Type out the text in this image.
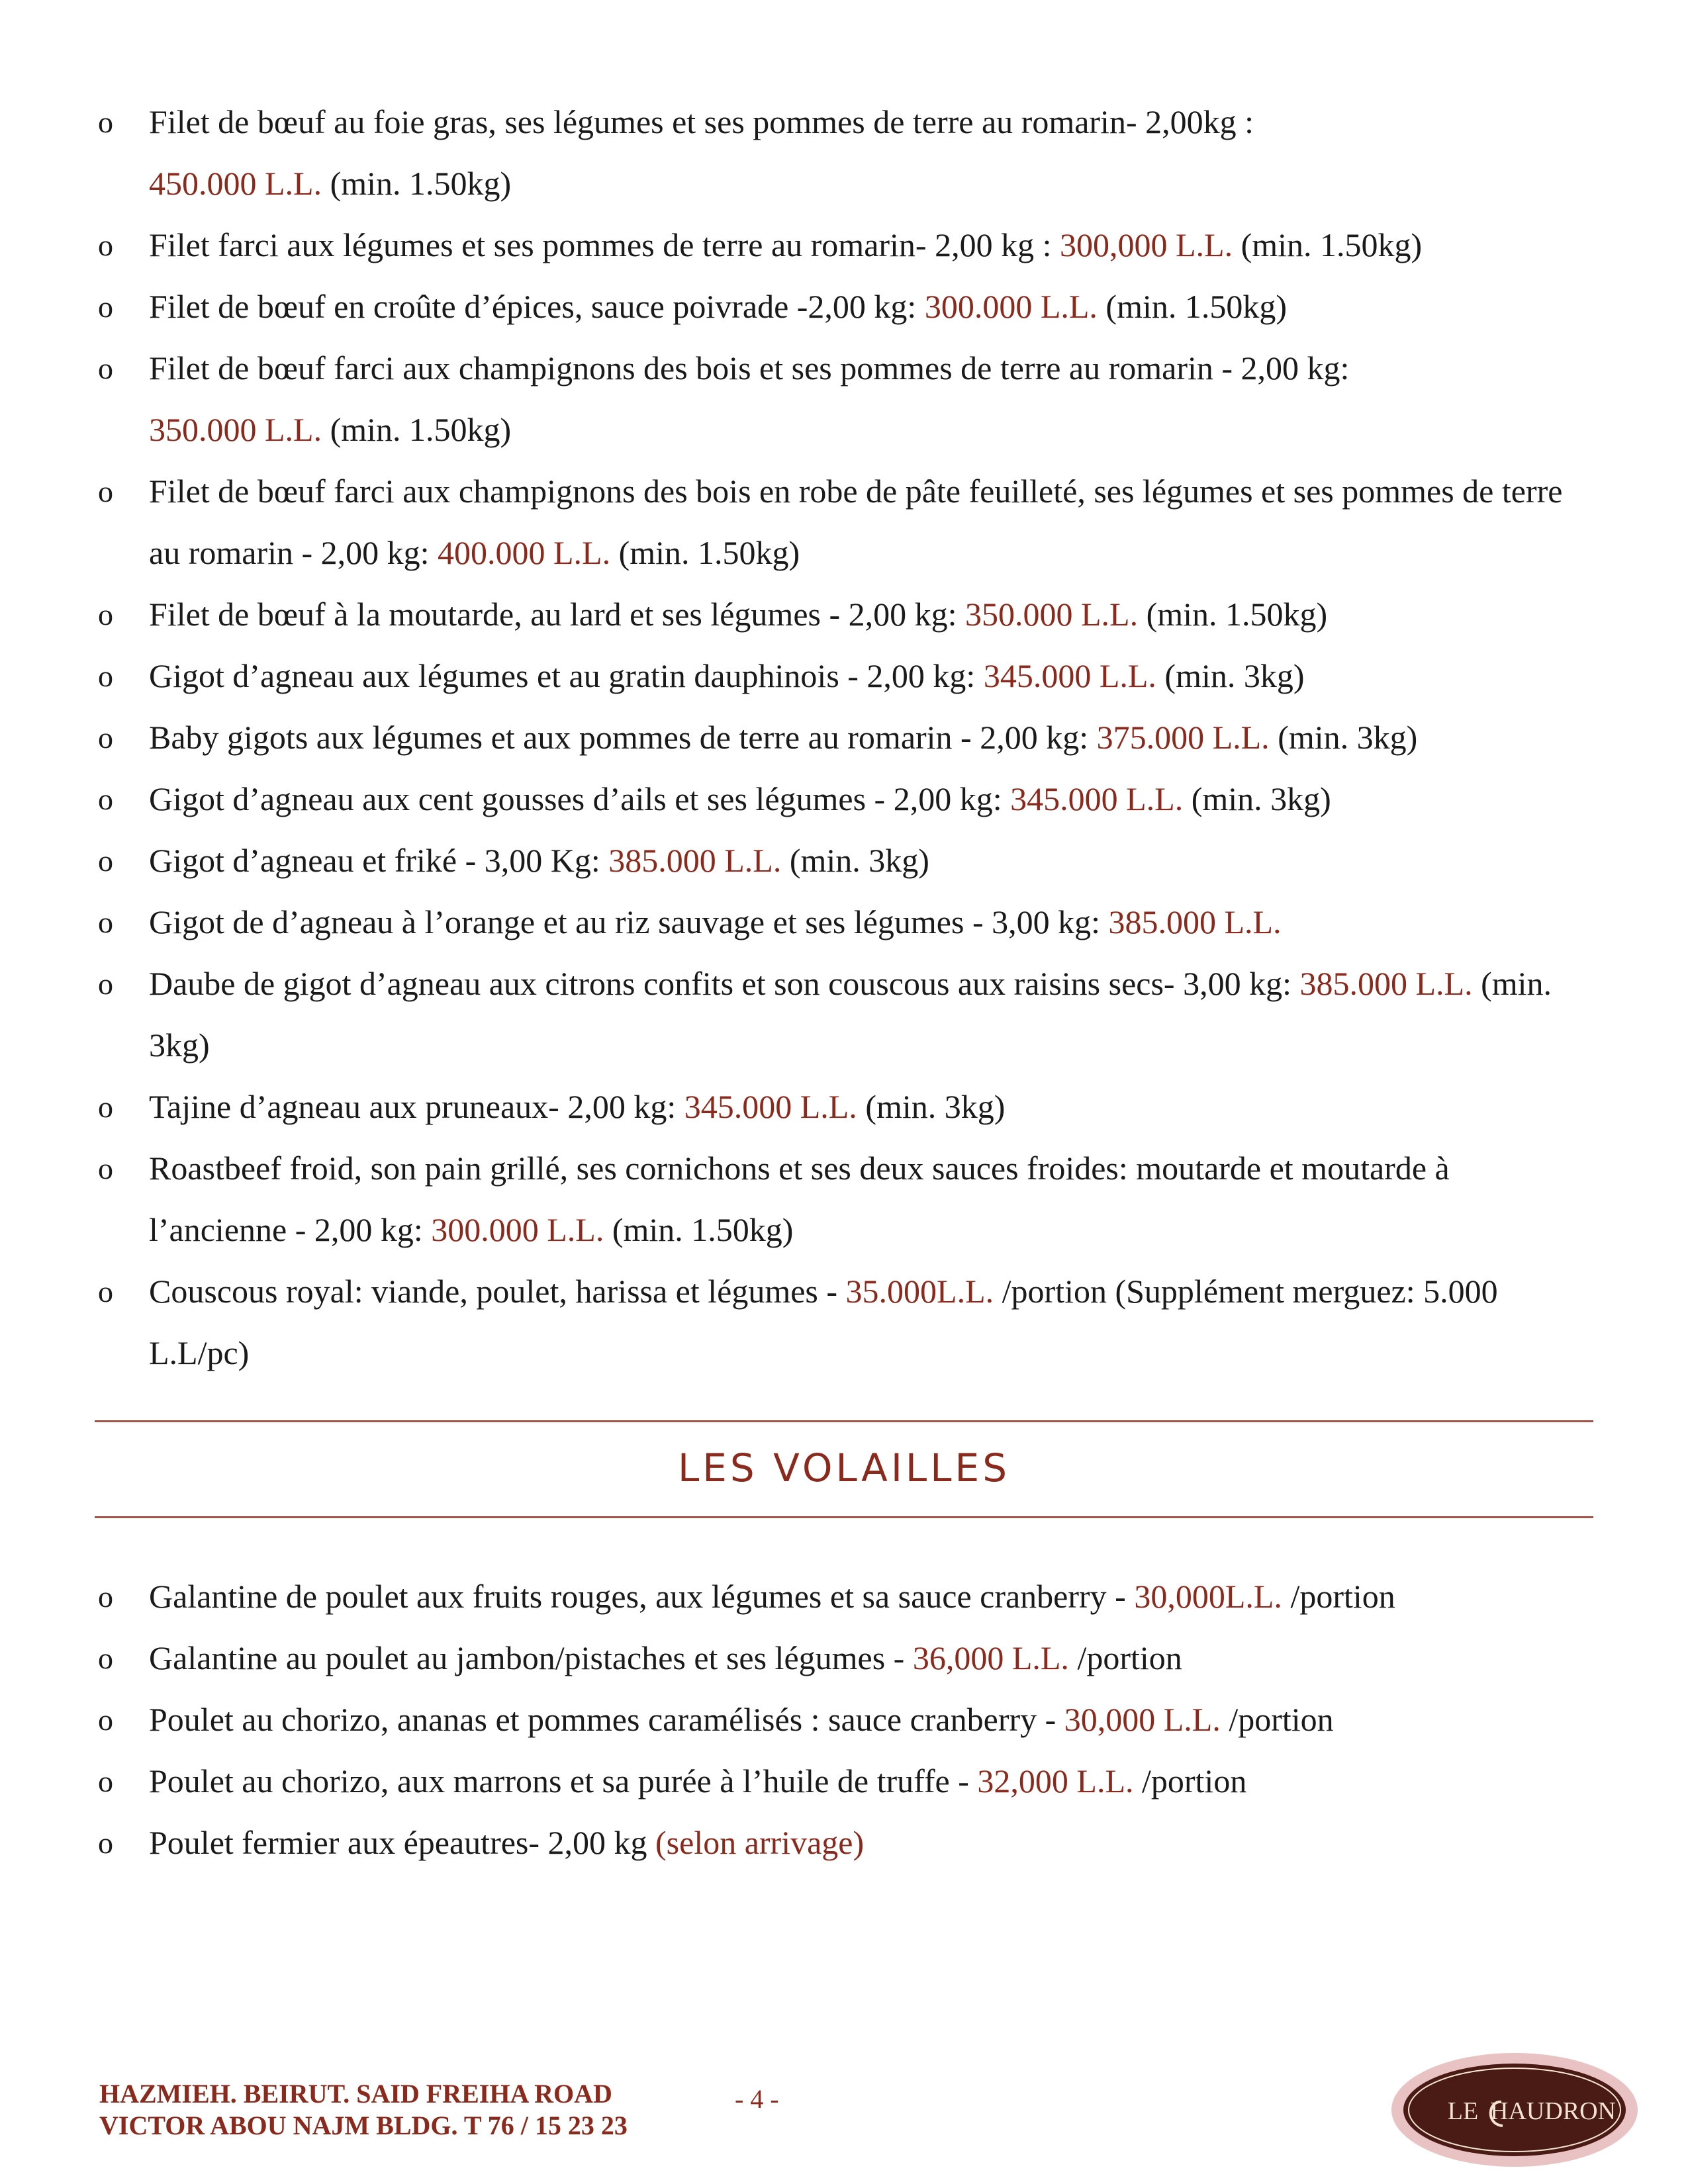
o Filet de bœuf au foie gras, ses légumes et ses pommes de terre au romarin- 2,00kg :
450.000 L.L. (min. 1.50kg)
o Filet farci aux légumes et ses pommes de terre au romarin- 2,00 kg : 300,000 L.L. (min. 1.50kg)
o Filet de bœuf en croûte d’épices, sauce poivrade -2,00 kg: 300.000 L.L. (min. 1.50kg)
o Filet de bœuf farci aux champignons des bois et ses pommes de terre au romarin - 2,00 kg:
350.000 L.L. (min. 1.50kg)
o Filet de bœuf farci aux champignons des bois en robe de pâte feuilleté, ses légumes et ses pommes de terre au romarin - 2,00 kg: 400.000 L.L. (min. 1.50kg)
o Filet de bœuf à la moutarde, au lard et ses légumes - 2,00 kg: 350.000 L.L. (min. 1.50kg)
o Gigot d’agneau aux légumes et au gratin dauphinois - 2,00 kg: 345.000 L.L. (min. 3kg)
o Baby gigots aux légumes et aux pommes de terre au romarin - 2,00 kg: 375.000 L.L. (min. 3kg)
o Gigot d’agneau aux cent gousses d’ails et ses légumes - 2,00 kg: 345.000 L.L. (min. 3kg)
o Gigot d’agneau et friké - 3,00 Kg: 385.000 L.L. (min. 3kg)
o Gigot de d’agneau à l’orange et au riz sauvage et ses légumes - 3,00 kg: 385.000 L.L.
o Daube de gigot d’agneau aux citrons confits et son couscous aux raisins secs- 3,00 kg: 385.000 L.L. (min. 3kg)
o Tajine d’agneau aux pruneaux- 2,00 kg: 345.000 L.L. (min. 3kg)
o Roastbeef froid, son pain grillé, ses cornichons et ses deux sauces froides: moutarde et moutarde à l’ancienne - 2,00 kg: 300.000 L.L. (min. 1.50kg)
o Couscous royal: viande, poulet, harissa et légumes - 35.000L.L. /portion (Supplément merguez: 5.000 L.L/pc)
LES VOLAILLES
o Galantine de poulet aux fruits rouges, aux légumes et sa sauce cranberry - 30,000L.L. /portion
o Galantine au poulet au jambon/pistaches et ses légumes - 36,000 L.L. /portion
o Poulet au chorizo, ananas et pommes caramélisés : sauce cranberry - 30,000 L.L. /portion
o Poulet au chorizo, aux marrons et sa purée à l’huile de truffe - 32,000 L.L. /portion
o Poulet fermier aux épeautres- 2,00 kg (selon arrivage)
HAZMIEH. BEIRUT. SAID FREIHA ROAD
VICTOR ABOU NAJM BLDG. T 76 / 15 23 23
- 4 -	LE HAUDRON
